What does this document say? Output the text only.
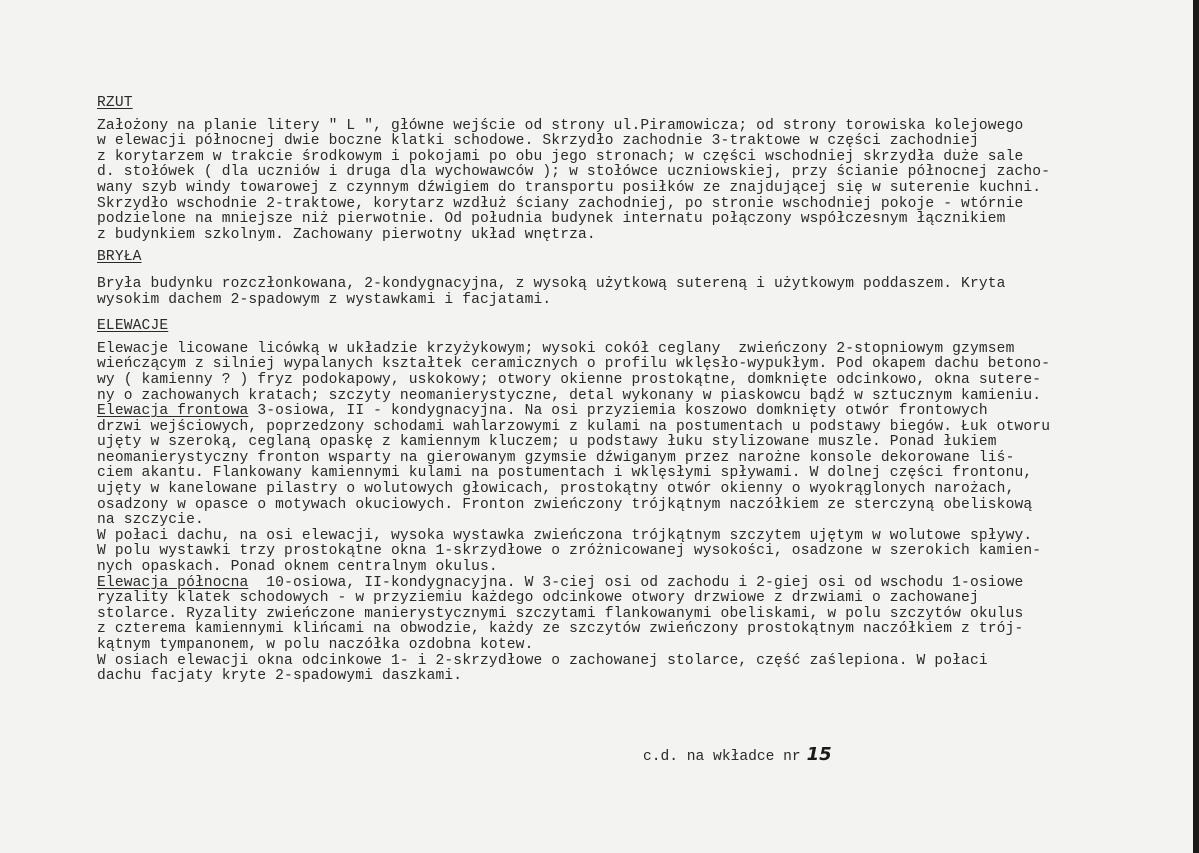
RZUT

Założony na planie litery " L ", główne wejście od strony ul.Piramowicza; od strony torowiska kolejowego

w elewacji północnej dwie boczne klatki schodowe. Skrzydło zachodnie 3-traktowe w części zachodniej

z korytarzem w trakcie środkowym i pokojami po obu jego stronach; w części wschodniej skrzydła duże sale

d. stołówek ( dla uczniów i druga dla wychowawców ); w stołówce uczniowskiej, przy ścianie północnej zacho-

wany szyb windy towarowej z czynnym dźwigiem do transportu posiłków ze znajdującej się w suterenie kuchni.

Skrzydło wschodnie 2-traktowe, korytarz wzdłuż ściany zachodniej, po stronie wschodniej pokoje - wtórnie

podzielone na mniejsze niż pierwotnie. Od południa budynek internatu połączony współczesnym łącznikiem

z budynkiem szkolnym. Zachowany pierwotny układ wnętrza.

BRYŁA

Bryła budynku rozczłonkowana, 2-kondygnacyjna, z wysoką użytkową sutereną i użytkowym poddaszem. Kryta

wysokim dachem 2-spadowym z wystawkami i facjatami.

ELEWACJE

Elewacje licowane licówką w układzie krzyżykowym; wysoki cokół ceglany  zwieńczony 2-stopniowym gzymsem

wieńczącym z silniej wypalanych kształtek ceramicznych o profilu wklęsło-wypukłym. Pod okapem dachu betono-

wy ( kamienny ? ) fryz podokapowy, uskokowy; otwory okienne prostokątne, domknięte odcinkowo, okna sutere-

ny o zachowanych kratach; szczyty neomanierystyczne, detal wykonany w piaskowcu bądź w sztucznym kamieniu.

Elewacja frontowa 3-osiowa, II - kondygnacyjna. Na osi przyziemia koszowo domknięty otwór frontowych

drzwi wejściowych, poprzedzony schodami wahlarzowymi z kulami na postumentach u podstawy biegów. Łuk otworu

ujęty w szeroką, ceglaną opaskę z kamiennym kluczem; u podstawy łuku stylizowane muszle. Ponad łukiem

neomanierystyczny fronton wsparty na gierowanym gzymsie dźwiganym przez narożne konsole dekorowane liś-

ciem akantu. Flankowany kamiennymi kulami na postumentach i wklęsłymi spływami. W dolnej części frontonu,

ujęty w kanelowane pilastry o wolutowych głowicach, prostokątny otwór okienny o wyokrąglonych narożach,

osadzony w opasce o motywach okuciowych. Fronton zwieńczony trójkątnym naczółkiem ze sterczyną obeliskową

na szczycie.

W połaci dachu, na osi elewacji, wysoka wystawka zwieńczona trójkątnym szczytem ujętym w wolutowe spływy.

W polu wystawki trzy prostokątne okna 1-skrzydłowe o zróżnicowanej wysokości, osadzone w szerokich kamien-

nych opaskach. Ponad oknem centralnym okulus.

Elewacja północna  10-osiowa, II-kondygnacyjna. W 3-ciej osi od zachodu i 2-giej osi od wschodu 1-osiowe

ryzality klatek schodowych - w przyziemiu każdego odcinkowe otwory drzwiowe z drzwiami o zachowanej

stolarce. Ryzality zwieńczone manierystycznymi szczytami flankowanymi obeliskami, w polu szczytów okulus

z czterema kamiennymi klińcami na obwodzie, każdy ze szczytów zwieńczony prostokątnym naczółkiem z trój-

kątnym tympanonem, w polu naczółka ozdobna kotew.

W osiach elewacji okna odcinkowe 1- i 2-skrzydłowe o zachowanej stolarce, część zaślepiona. W połaci

dachu facjaty kryte 2-spadowymi daszkami.

c.d. na wkładce nr 15
